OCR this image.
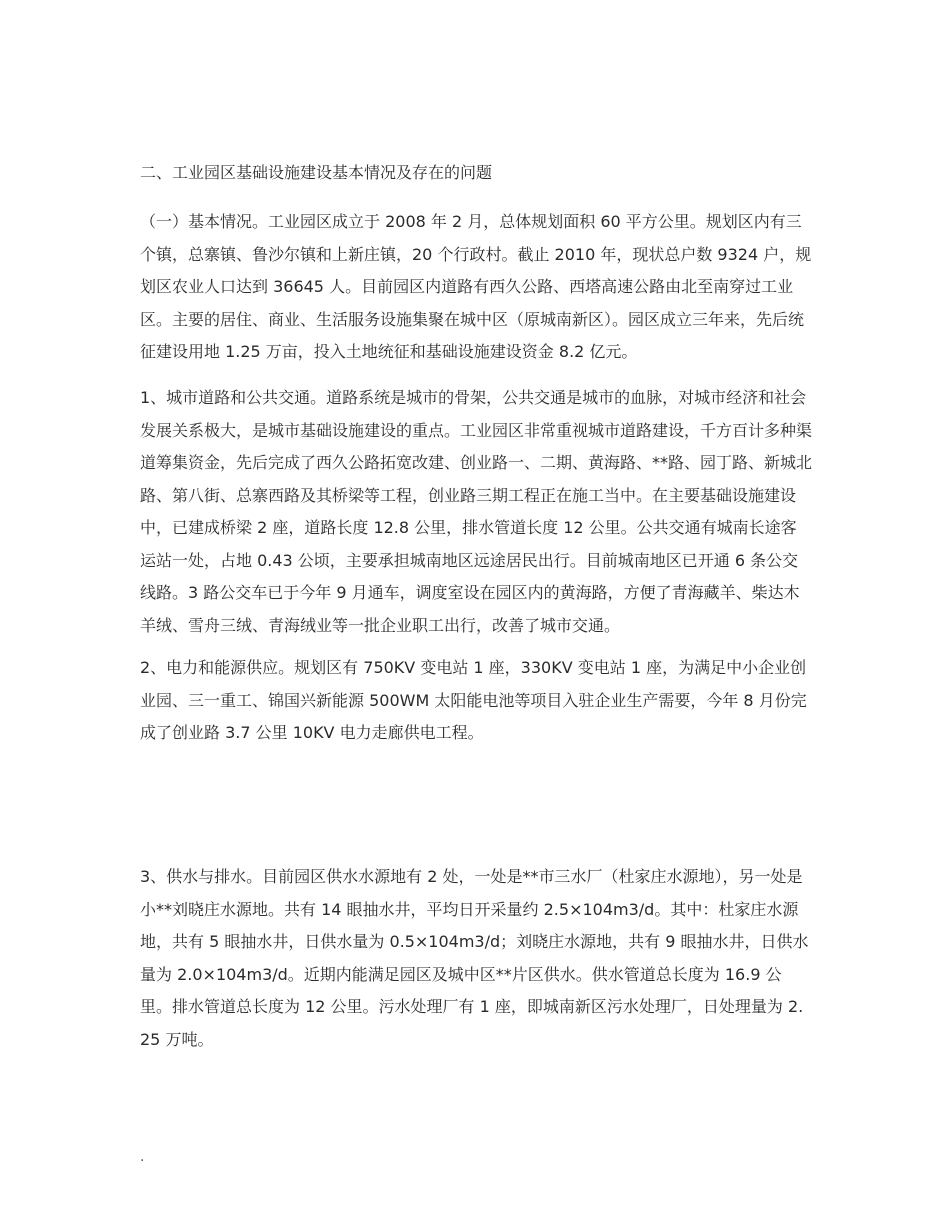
二、工业园区基础设施建设基本情况及存在的问题

（一）基本情况。工业园区成立于 2008 年 2 月，总体规划面积 60 平方公里。规划区内有三个镇，总寨镇、鲁沙尔镇和上新庄镇，20 个行政村。截止 2010 年，现状总户数 9324 户，规划区农业人口达到 36645 人。目前园区内道路有西久公路、西塔高速公路由北至南穿过工业区。主要的居住、商业、生活服务设施集聚在城中区（原城南新区）。园区成立三年来，先后统征建设用地 1.25 万亩，投入土地统征和基础设施建设资金 8.2 亿元。

1、城市道路和公共交通。道路系统是城市的骨架，公共交通是城市的血脉，对城市经济和社会发展关系极大，是城市基础设施建设的重点。工业园区非常重视城市道路建设，千方百计多种渠道筹集资金，先后完成了西久公路拓宽改建、创业路一、二期、黄海路、**路、园丁路、新城北路、第八街、总寨西路及其桥梁等工程，创业路三期工程正在施工当中。在主要基础设施建设中，已建成桥梁 2 座，道路长度 12.8 公里，排水管道长度 12 公里。公共交通有城南长途客运站一处，占地 0.43 公顷，主要承担城南地区远途居民出行。目前城南地区已开通 6 条公交线路。3 路公交车已于今年 9 月通车，调度室设在园区内的黄海路，方便了青海藏羊、柴达木羊绒、雪舟三绒、青海绒业等一批企业职工出行，改善了城市交通。

2、电力和能源供应。规划区有 750KV 变电站 1 座，330KV 变电站 1 座，为满足中小企业创业园、三一重工、锦国兴新能源 500WM 太阳能电池等项目入驻企业生产需要，今年 8 月份完成了创业路 3.7 公里 10KV 电力走廊供电工程。

3、供水与排水。目前园区供水水源地有 2 处，一处是**市三水厂（杜家庄水源地），另一处是小**刘晓庄水源地。共有 14 眼抽水井，平均日开采量约 2.5×104m3/d。其中：杜家庄水源地，共有 5 眼抽水井，日供水量为 0.5×104m3/d；刘晓庄水源地，共有 9 眼抽水井，日供水量为 2.0×104m3/d。近期内能满足园区及城中区**片区供水。供水管道总长度为 16.9 公里。排水管道总长度为 12 公里。污水处理厂有 1 座，即城南新区污水处理厂，日处理量为 2.25 万吨。

.
